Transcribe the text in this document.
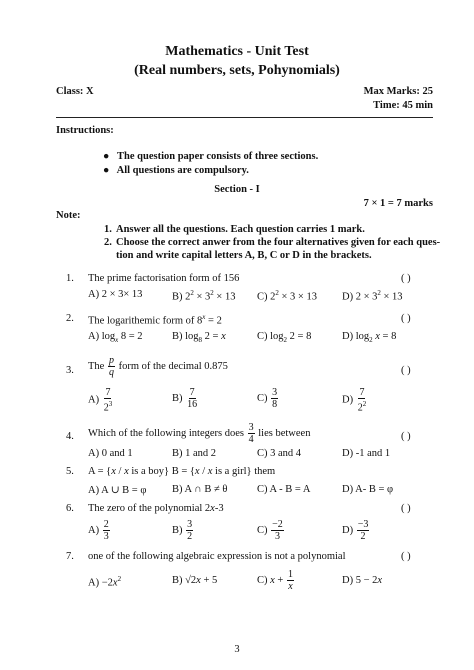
Mathematics - Unit Test
(Real numbers, sets, Pohynomials)
Class: X	Max Marks: 25
Time: 45 min
Instructions:
●   The question paper consists of three sections.
●   All questions are compulsory.
Section - I
7 × 1 = 7 marks
Note:
1. Answer all the questions. Each question carries 1 mark.
2. Choose the correct anwer from the four alternatives given for each ques-
tion and write capital letters A, B, C or D in the brackets.
1. The prime factorisation form of 156	( )
A) 2 × 3× 13	B) $2^2 \times 3^2 \times 13$ C) $2^2 \times 3 \times 13$ D) $2 \times 3^2 \times 13$
2. The logarithemic form of $8^x = 2$	( )
A) $\log_x 8 = 2$	B) $\log_8 2 = x$	C) $\log_2 2 = 8$	D) $\log_2 x = 8$
3. The $\frac{p}{q}$ form of the decimal 0.875	( )
$A) \frac{7}{2^3}$	$B) \frac{7}{16}$	$C) \frac{3}{8}$	$D) \frac{7}{2^2}$
4. Which of the following integers does $\frac{3}{4}$ lies between	( )
A) 0 and 1	B) 1 and 2	C) 3 and 4	D) -1 and 1
5. A = {x / x is a boy} B = {x / x is a girl} them
A) A ∪ B = φ B) A ∩ B ≠ θ	C) A - B = A	D) A- B = φ
6. The zero of the polynomial 2x-3	( )
$A) \frac{2}{3}$	$B) \frac{3}{2}$	$C) \frac{-2}{3}$	$D) \frac{-3}{2}$
7. one of the following algebraic expression is not a polynomial	( )
$A) -2x^2$	B) √2x + 5	C) $x + \frac{1}{x}$	D) 5 − 2x
3
